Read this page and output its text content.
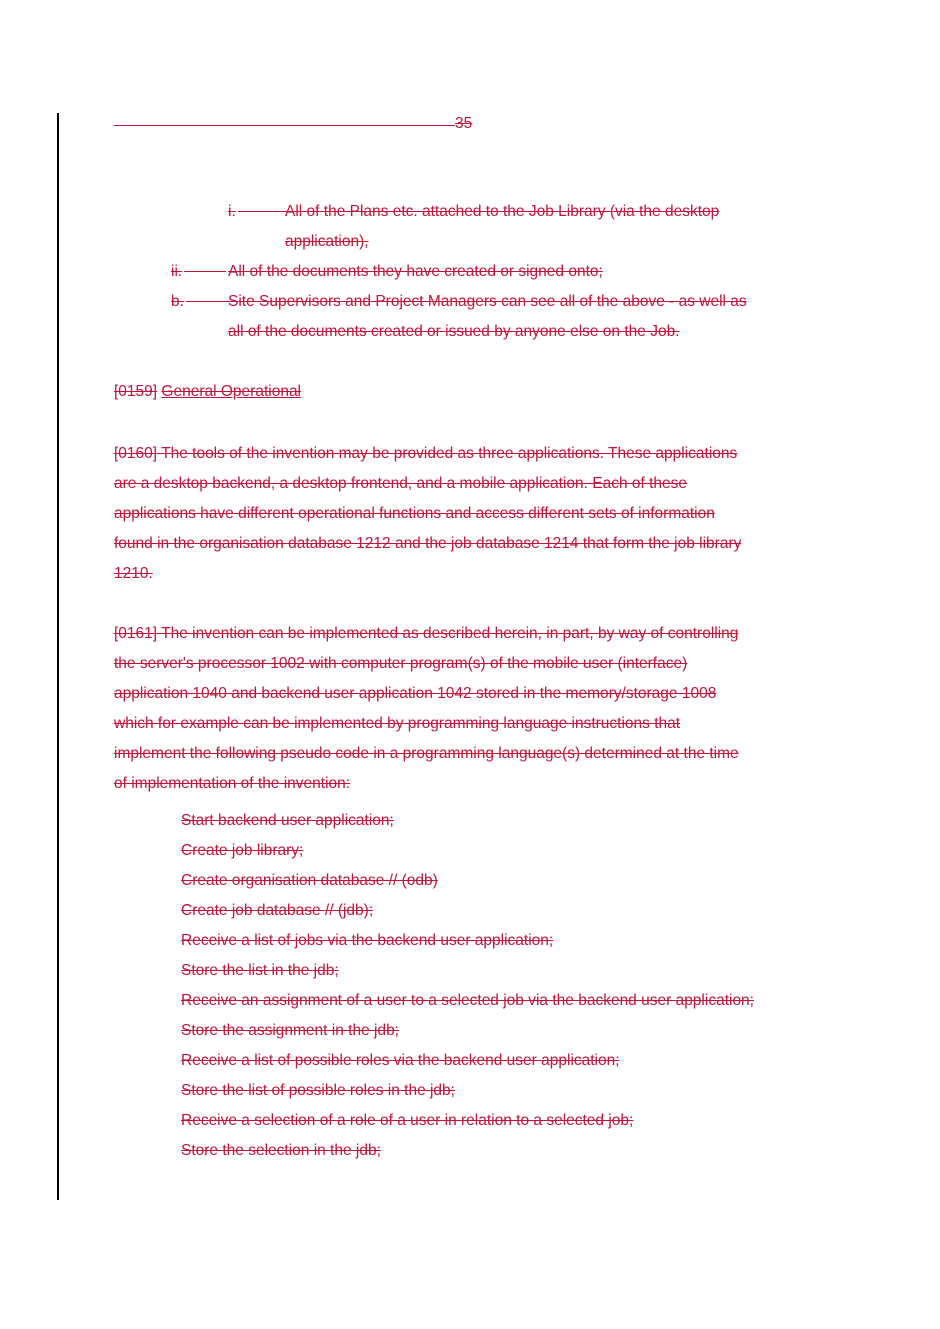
35
i.	All of the Plans etc. attached to the Job Library (via the desktop
application),
ii.	All of the documents they have created or signed onto;
b.	Site Supervisors and Project Managers can see all of the above - as well as
all of the documents created or issued by anyone else on the Job.
[0159] General Operational
[0160] The tools of the invention may be provided as three applications. These applications
are a desktop backend, a desktop frontend, and a mobile application. Each of these
applications have different operational functions and access different sets of information
found in the organisation database 1212 and the job database 1214 that form the job library
1210.
[0161] The invention can be implemented as described herein, in part, by way of controlling
the server's processor 1002 with computer program(s) of the mobile user (interface)
application 1040 and backend user application 1042 stored in the memory/storage 1008
which for example can be implemented by programming language instructions that
implement the following pseudo code in a programming language(s) determined at the time
of implementation of the invention:
Start backend user application;
Create job library;
Create organisation database // (odb)
Create job database // (jdb);
Receive a list of jobs via the backend user application;
Store the list in the jdb;
Receive an assignment of a user to a selected job via the backend user application;
Store the assignment in the jdb;
Receive a list of possible roles via the backend user application;
Store the list of possible roles in the jdb;
Receive a selection of a role of a user in relation to a selected job;
Store the selection in the jdb;
